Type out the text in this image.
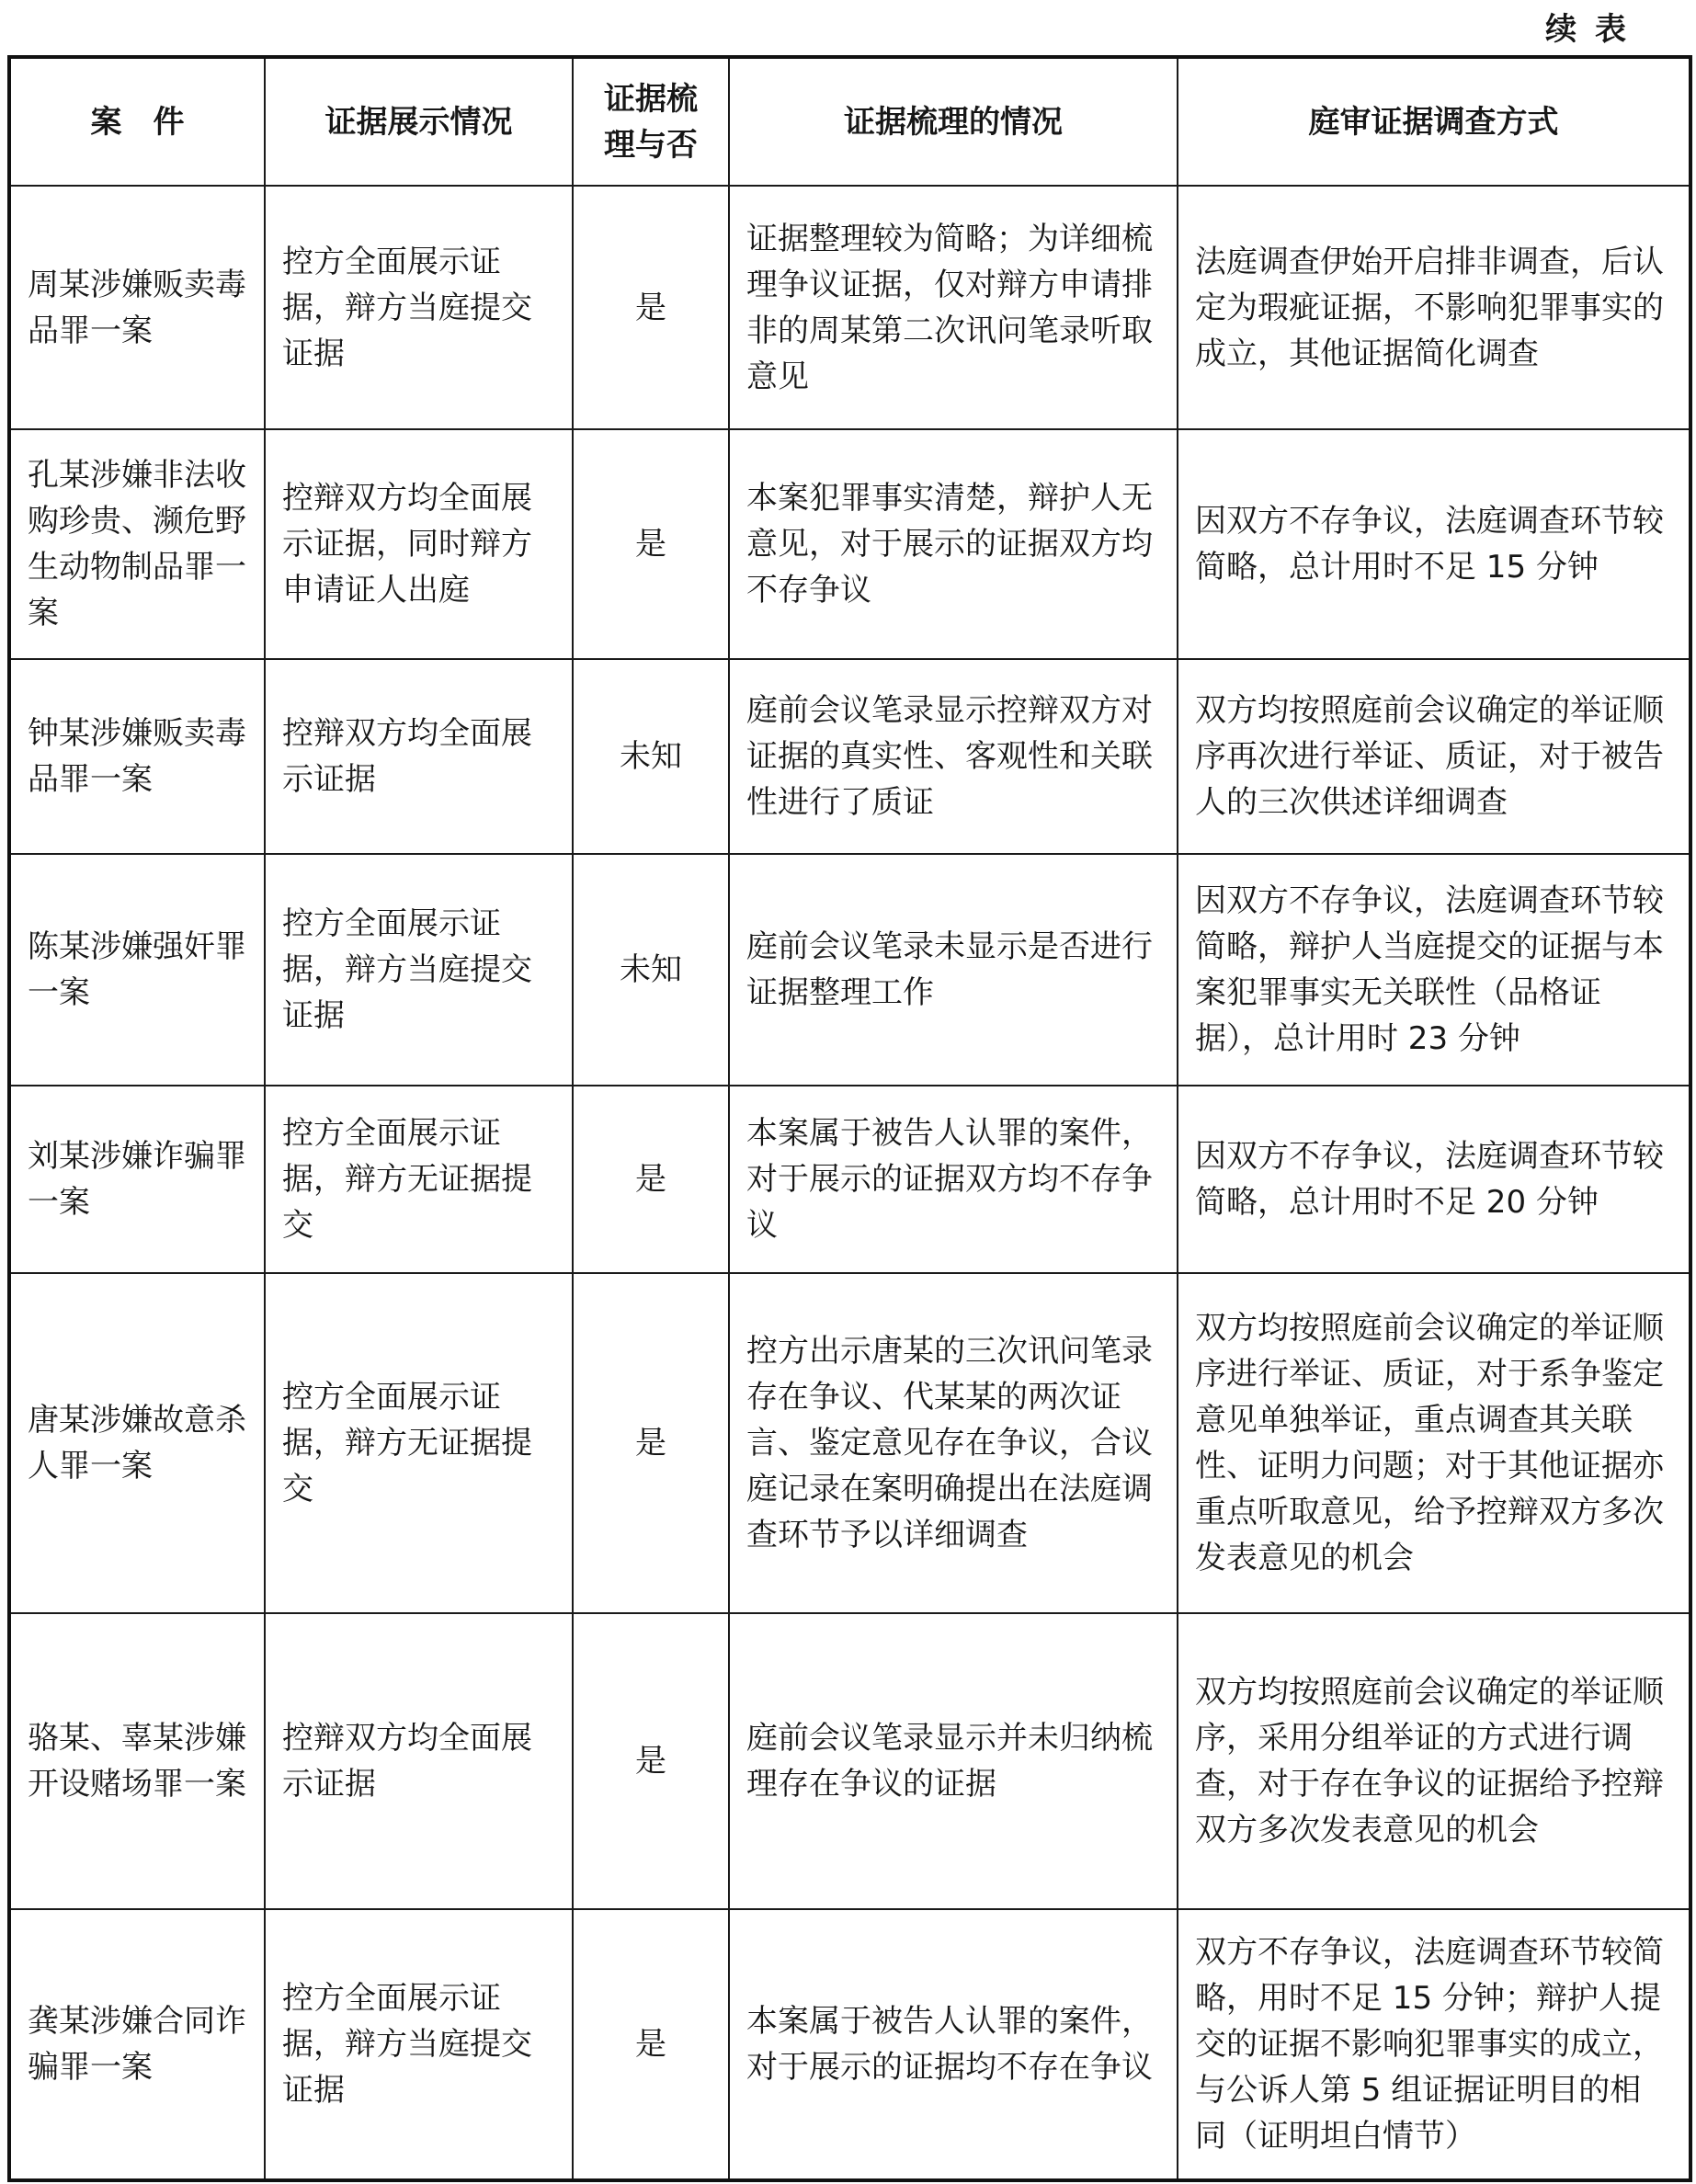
续 表
案　件	证据展示情况	证据梳理与否	证据梳理的情况	庭审证据调查方式
周某涉嫌贩卖毒品罪一案	控方全面展示证据，辩方当庭提交证据	是	证据整理较为简略；为详细梳理争议证据，仅对辩方申请排非的周某第二次讯问笔录听取意见	法庭调查伊始开启排非调查，后认定为瑕疵证据，不影响犯罪事实的成立，其他证据简化调查
孔某涉嫌非法收购珍贵、濒危野生动物制品罪一案	控辩双方均全面展示证据，同时辩方申请证人出庭	是	本案犯罪事实清楚，辩护人无意见，对于展示的证据双方均不存争议	因双方不存争议，法庭调查环节较简略，总计用时不足 15 分钟
钟某涉嫌贩卖毒品罪一案	控辩双方均全面展示证据	未知	庭前会议笔录显示控辩双方对证据的真实性、客观性和关联性进行了质证	双方均按照庭前会议确定的举证顺序再次进行举证、质证，对于被告人的三次供述详细调查
陈某涉嫌强奸罪一案	控方全面展示证据，辩方当庭提交证据	未知	庭前会议笔录未显示是否进行证据整理工作	因双方不存争议，法庭调查环节较简略，辩护人当庭提交的证据与本案犯罪事实无关联性（品格证据），总计用时 23 分钟
刘某涉嫌诈骗罪一案	控方全面展示证据，辩方无证据提交	是	本案属于被告人认罪的案件，对于展示的证据双方均不存争议	因双方不存争议，法庭调查环节较简略，总计用时不足 20 分钟
唐某涉嫌故意杀人罪一案	控方全面展示证据，辩方无证据提交	是	控方出示唐某的三次讯问笔录存在争议、代某某的两次证言、鉴定意见存在争议，合议庭记录在案明确提出在法庭调查环节予以详细调查	双方均按照庭前会议确定的举证顺序进行举证、质证，对于系争鉴定意见单独举证，重点调查其关联性、证明力问题；对于其他证据亦重点听取意见，给予控辩双方多次发表意见的机会
骆某、辜某涉嫌开设赌场罪一案	控辩双方均全面展示证据	是	庭前会议笔录显示并未归纳梳理存在争议的证据	双方均按照庭前会议确定的举证顺序，采用分组举证的方式进行调查，对于存在争议的证据给予控辩双方多次发表意见的机会
龚某涉嫌合同诈骗罪一案	控方全面展示证据，辩方当庭提交证据	是	本案属于被告人认罪的案件，对于展示的证据均不存在争议	双方不存争议，法庭调查环节较简略，用时不足 15 分钟；辩护人提交的证据不影响犯罪事实的成立，与公诉人第 5 组证据证明目的相同（证明坦白情节）
